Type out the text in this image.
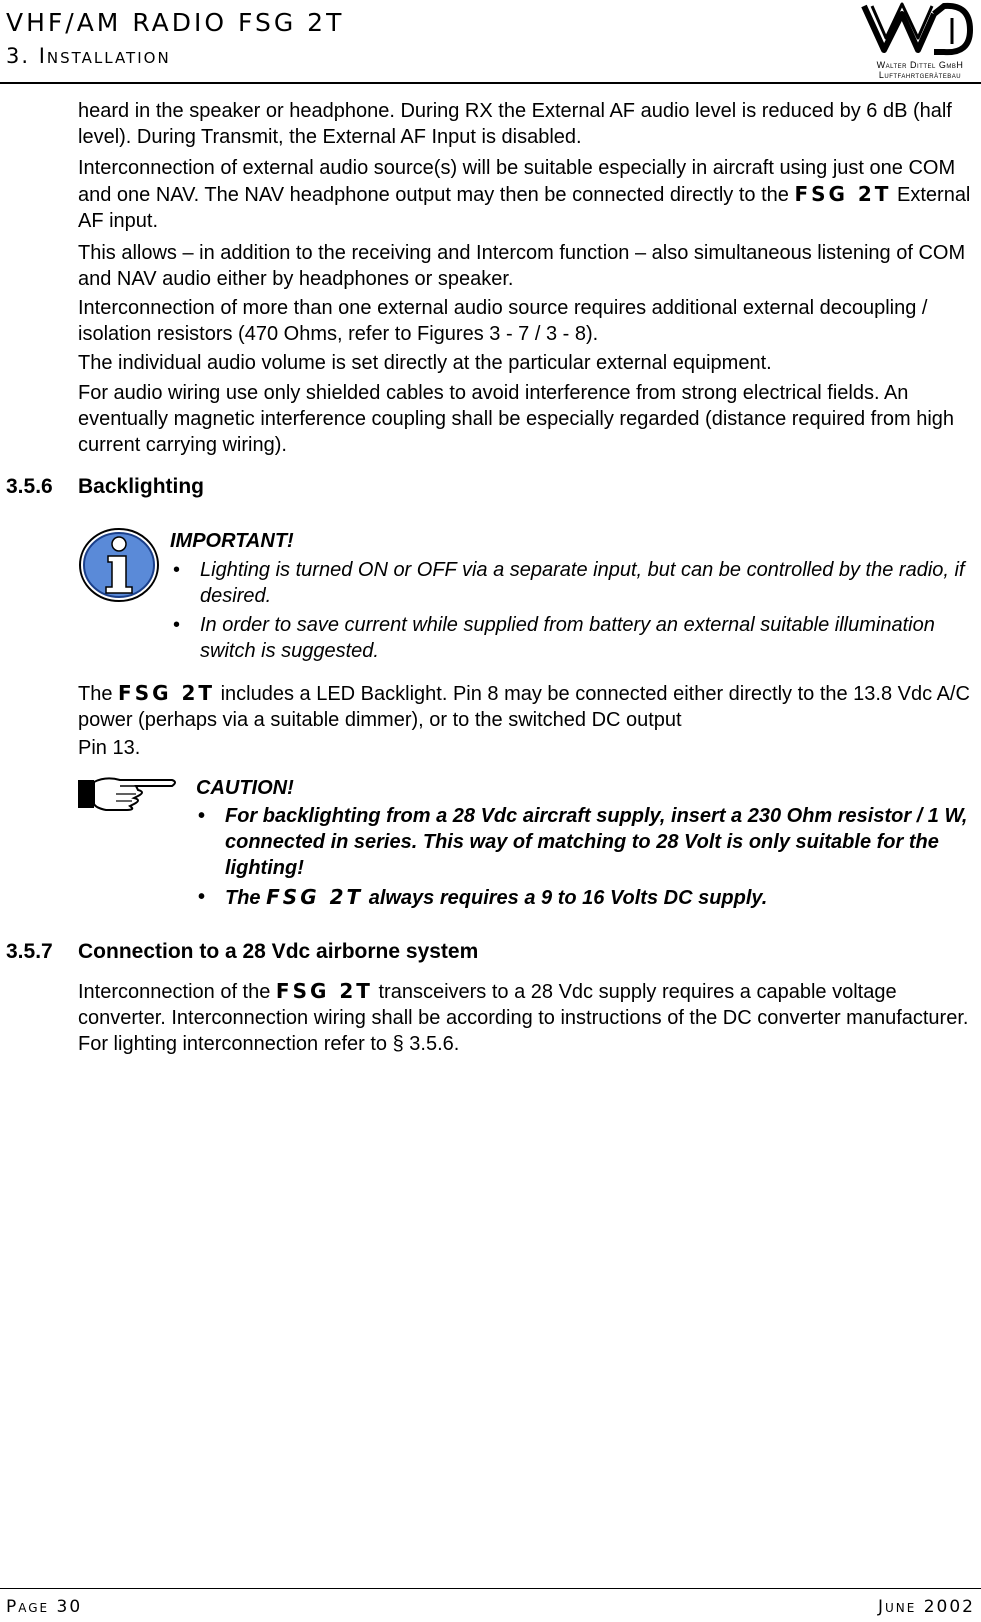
VHF/AM RADIO FSG 2T
3. Installation	Walter Dittel GmbH
Luftfahrtgerätebau

heard in the speaker or headphone. During RX the External AF audio level is reduced by 6 dB (half level). During Transmit, the External AF Input is disabled.

Interconnection of external audio source(s) will be suitable especially in aircraft using just one COM and one NAV. The NAV headphone output may then be connected directly to the FSG 2T External AF input.

This allows – in addition to the receiving and Intercom function – also simultaneous listening of COM and NAV audio either by headphones or speaker.

Interconnection of more than one external audio source requires additional external decoupling / isolation resistors (470 Ohms, refer to Figures 3 - 7 / 3 - 8).

The individual audio volume is set directly at the particular external equipment.

For audio wiring use only shielded cables to avoid interference from strong electrical fields. An eventually magnetic interference coupling shall be especially regarded (distance required from high current carrying wiring).

3.5.6 Backlighting

IMPORTANT!

• Lighting is turned ON or OFF via a separate input, but can be controlled by the radio, if desired.

• In order to save current while supplied from battery an external suitable illumination switch is suggested.

The FSG 2T includes a LED Backlight. Pin 8 may be connected either directly to the 13.8 Vdc A/C power (perhaps via a suitable dimmer), or to the switched DC output

Pin 13.

CAUTION!

• For backlighting from a 28 Vdc aircraft supply, insert a 230 Ohm resistor / 1 W, connected in series. This way of matching to 28 Volt is only suitable for the lighting!

• The FSG 2T always requires a 9 to 16 Volts DC supply.

3.5.7 Connection to a 28 Vdc airborne system

Interconnection of the FSG 2T transceivers to a 28 Vdc supply requires a capable voltage converter. Interconnection wiring shall be according to instructions of the DC converter manufacturer. For lighting interconnection refer to § 3.5.6.

Page 30	June 2002
